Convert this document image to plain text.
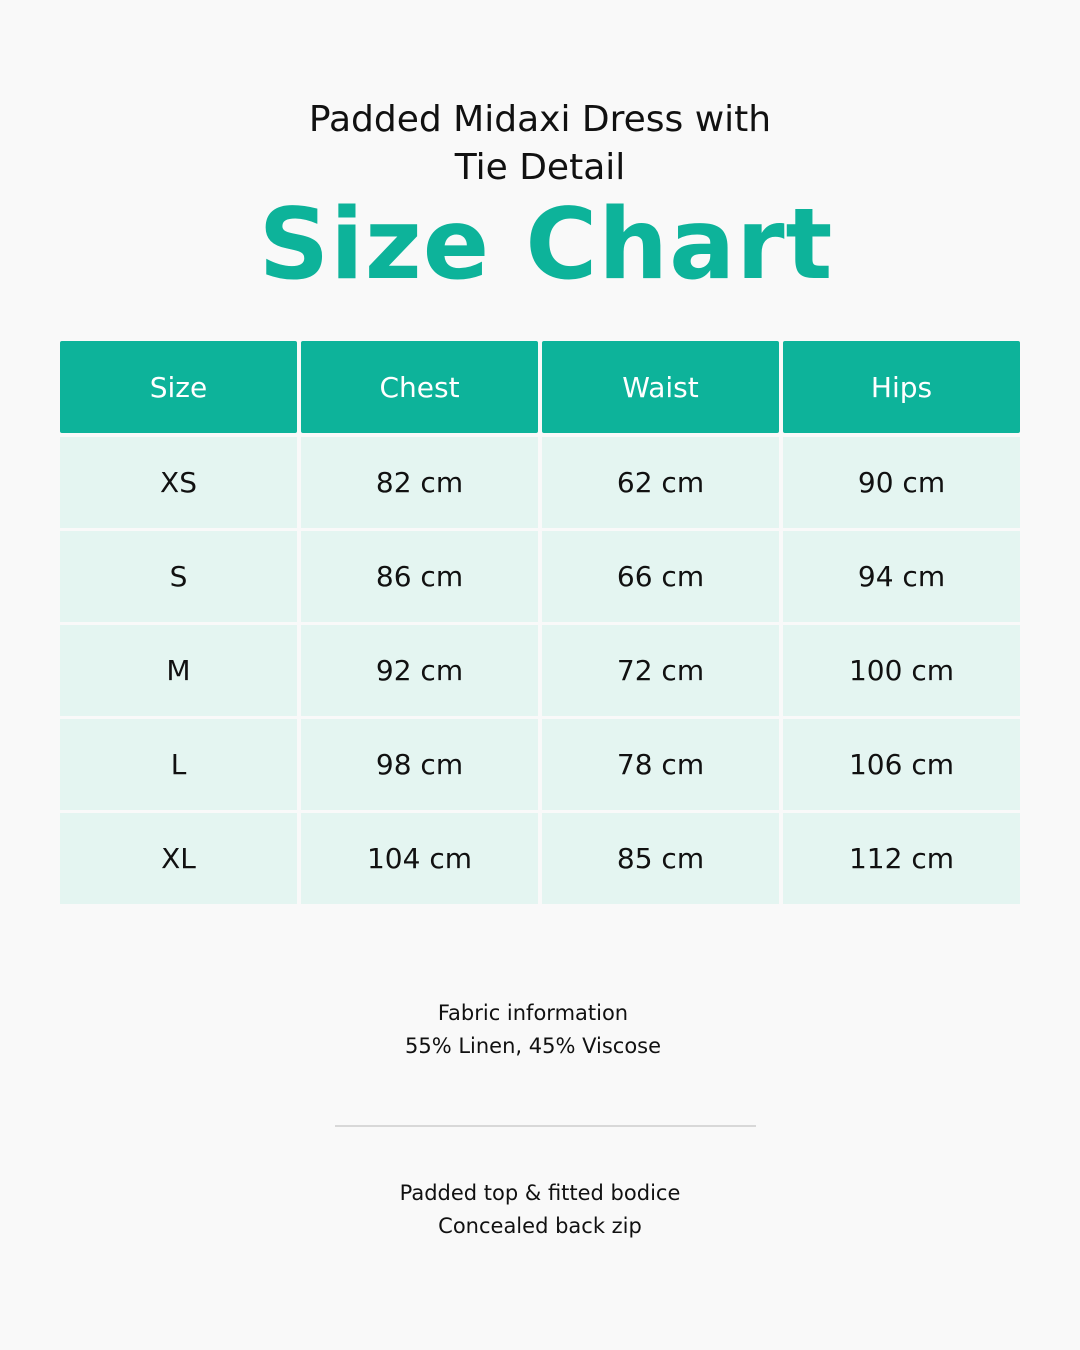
Padded Midaxi Dress with
Tie Detail
Size Chart
Size	Chest	Waist	Hips
XS	82 cm	62 cm	90 cm
S	86 cm	66 cm	94 cm
M	92 cm	72 cm	100 cm
L	98 cm	78 cm	106 cm
XL	104 cm	85 cm	112 cm
Fabric information
55% Linen, 45% Viscose
Padded top & fitted bodice
Concealed back zip
